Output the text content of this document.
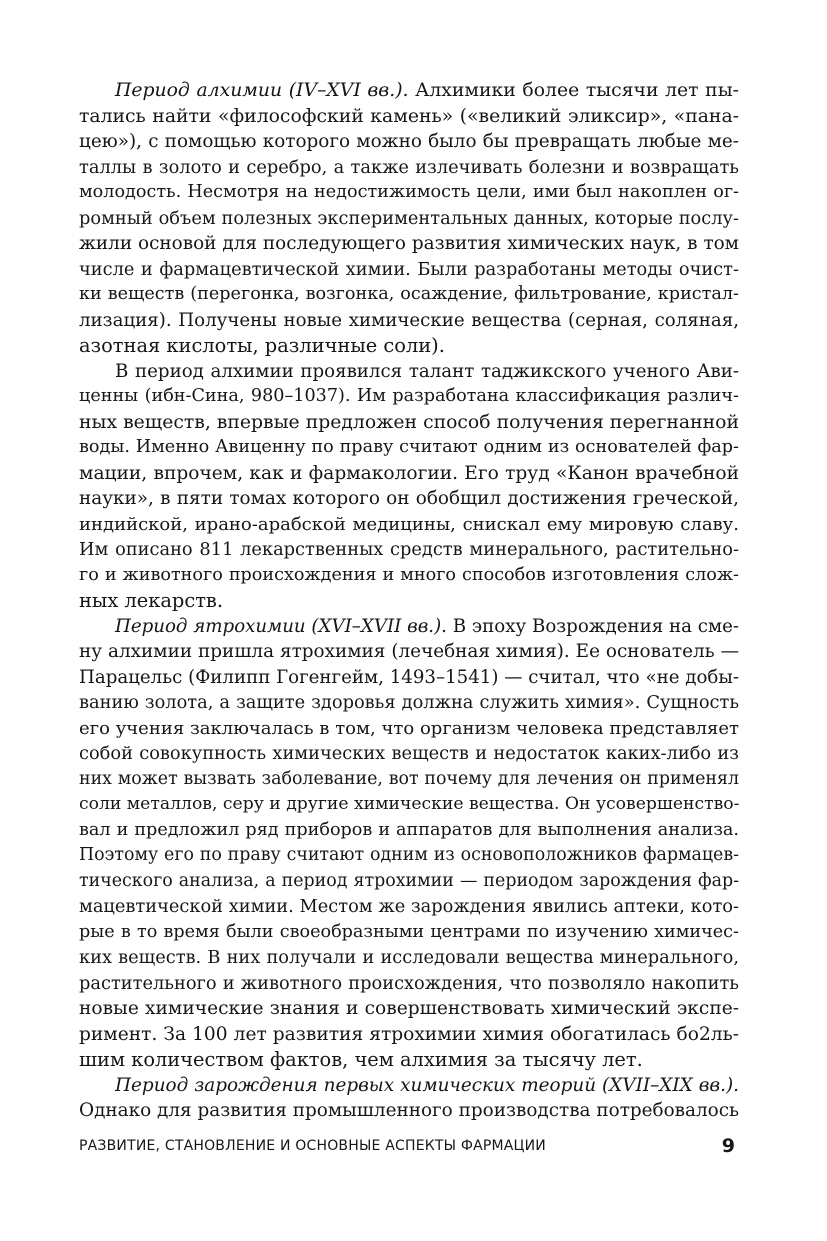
Период алхимии (IV–XVI вв.). Алхимики более тысячи лет пы-
тались найти «философский камень» («великий эликсир», «пана-
цею»), с помощью которого можно было бы превращать любые ме-
таллы в золото и серебро, а также излечивать болезни и возвращать
молодость. Несмотря на недостижимость цели, ими был накоплен ог-
ромный объем полезных экспериментальных данных, которые послу-
жили основой для последующего развития химических наук, в том
числе и фармацевтической химии. Были разработаны методы очист-
ки веществ (перегонка, возгонка, осаждение, фильтрование, кристал-
лизация). Получены новые химические вещества (серная, соляная,
азотная кислоты, различные соли).
В период алхимии проявился талант таджикского ученого Ави-
ценны (ибн-Сина, 980–1037). Им разработана классификация различ-
ных веществ, впервые предложен способ получения перегнанной
воды. Именно Авиценну по праву считают одним из основателей фар-
мации, впрочем, как и фармакологии. Его труд «Канон врачебной
науки», в пяти томах которого он обобщил достижения греческой,
индийской, ирано-арабской медицины, снискал ему мировую славу.
Им описано 811 лекарственных средств минерального, растительно-
го и животного происхождения и много способов изготовления слож-
ных лекарств.
Период ятрохимии (XVI–XVII вв.). В эпоху Возрождения на сме-
ну алхимии пришла ятрохимия (лечебная химия). Ее основатель —
Парацельс (Филипп Гогенгейм, 1493–1541) — считал, что «не добы-
ванию золота, а защите здоровья должна служить химия». Сущность
его учения заключалась в том, что организм человека представляет
собой совокупность химических веществ и недостаток каких-либо из
них может вызвать заболевание, вот почему для лечения он применял
соли металлов, серу и другие химические вещества. Он усовершенство-
вал и предложил ряд приборов и аппаратов для выполнения анализа.
Поэтому его по праву считают одним из основоположников фармацев-
тического анализа, а период ятрохимии — периодом зарождения фар-
мацевтической химии. Местом же зарождения явились аптеки, кото-
рые в то время были своеобразными центрами по изучению химичес-
ких веществ. В них получали и исследовали вещества минерального,
растительного и животного происхождения, что позволяло накопить
новые химические знания и совершенствовать химический экспе-
римент. За 100 лет развития ятрохимии химия обогатилась бо2ль-
шим количеством фактов, чем алхимия за тысячу лет.
Период зарождения первых химических теорий (XVII–XIX вв.).
Однако для развития промышленного производства потребовалось
РАЗВИТИЕ, СТАНОВЛЕНИЕ И ОСНОВНЫЕ АСПЕКТЫ ФАРМАЦИИ	9
